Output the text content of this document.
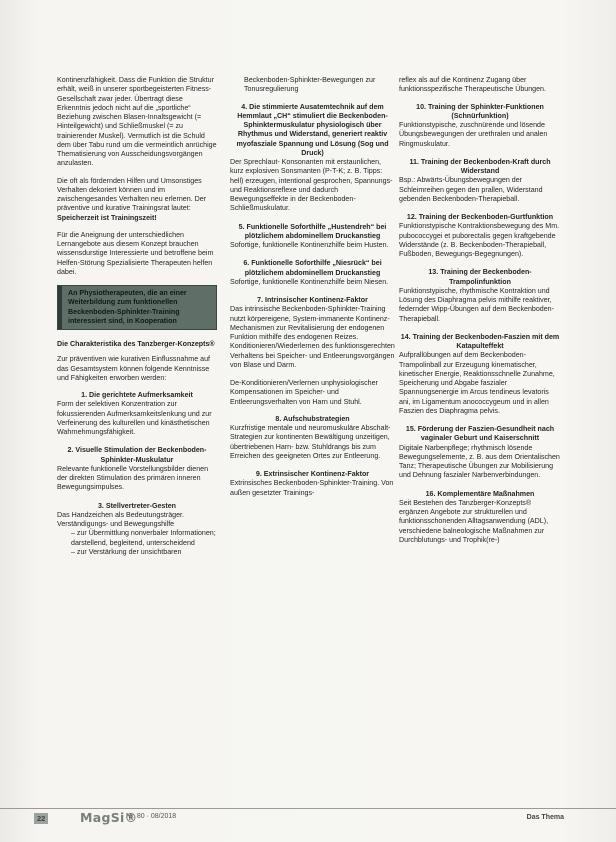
Kontinenzfähigkeit. Dass die Funktion die Struktur erhält, weiß in unserer sportbegeisterten Fitness-Gesellschaft zwar jeder. Übertragt diese Erkenntnis jedoch nicht auf die „sportliche“ Beziehung zwischen Blasen-Innaltsgewicht (= Hinteilgewicht) und Schließmuskel (= zu trainierender Muskel). Vermutlich ist die Schuld dem über Tabu rund um die vermeintlich anrüchige Thematisierung von Ausscheidungsvorgängen anzulasten.

Die oft als fördernden Hilfen und Umsonstiges Verhalten dekoriert können und im zwischengesandes Verhalten neu erlernen. Der präventive und kurative Trainingsrat lautet: Speicherzeit ist Trainingszeit!

Für die Aneignung der unterschiedlichen Lernangebote aus diesem Konzept brauchen wissensdurstige Interessierte und betroffene beim Helfen-Störung Spezialisierte Therapeuten helfen dabei.

An Physiotherapeuten, die an einer Weiterbildung zum funktionellen Beckenboden-Sphinkter-Training interessiert sind, in Kooperation

Die Charakteristika des Tanzberger-Konzepts®

Zur präventiven wie kurativen Einflussnahme auf das Gesamtsystem können folgende Kenntnisse und Fähigkeiten erworben werden:

1. Die gerichtete Aufmerksamkeit
Form der selektiven Konzentration zur fokussierenden Aufmerksamkeitslenkung und zur Verfeinerung des kulturellen und kinästhetischen Wahrnehmungsfähigkeit.
2. Visuelle Stimulation der Beckenboden-Sphinkter-Muskulatur
Relevante funktionelle Vorstellungsbilder dienen der direkten Stimulation des primären inneren Bewegungsimpulses.
3. Stellvertreter-Gesten
Das Handzeichen als Bedeutungsträger. Verständigungs- und Bewegungshilfe
– zur Übermittlung nonverbaler Informationen; darstellend, begleitend, unterscheidend
– zur Verstärkung der unsichtbaren

Beckenboden-Sphinkter-Bewegungen zur Tonusregulierung

4. Die stimmierte Ausatemtechnik auf dem Hemmlaut „CH“ stimuliert die Beckenboden-Sphinktermuskulatur physiologisch über Rhythmus und Widerstand, generiert reaktiv myofasziale Spannung und Lösung (Sog und Druck)
Der Sprechlaut- Konsonanten mit erstaunlichen, kurz explosiven Sonsmanten (P-T-K; z. B. Tipps: hell) erzeugen, intentional gesprochen, Spannungs- und Reaktionsreflexe und dadurch Bewegungseffekte in der Beckenboden-Schließmuskulatur.
5. Funktionelle Soforthilfe „Hustendreh“ bei plötzlichem abdominellem Druckanstieg
Sofortige, funktionelle Kontinenzhilfe beim Husten.
6. Funktionelle Soforthilfe „Niesrück“ bei plötzlichem abdominellem Druckanstieg
Sofortige, funktionelle Kontinenzhilfe beim Niesen.
7. Intrinsischer Kontinenz-Faktor
Das intrinsische Beckenboden-Sphinkter-Training nutzt körpereigene, System-immanente Kontinenz-Mechanismen zur Revitalisierung der endogenen Funktion mithilfe des endogenen Reizes. Konditionieren/Wiederlernen des funktionsgerechten Verhaltens bei Speicher- und Entleerungsvorgängen von Blase und Darm.

De-Konditionieren/Verlernen unphysiologischer Kompensationen im Speicher- und Entleerungsverhalten von Harn und Stuhl.

8. Aufschubstrategien
Kurzfristige mentale und neuromuskuläre Abschalt-Strategien zur kontinenten Bewältigung unzeitigen, übertriebenen Harn- bzw. Stuhldrangs bis zum Erreichen des geeigneten Ortes zur Entleerung.
9. Extrinsischer Kontinenz-Faktor
Extrinsisches Beckenboden-Sphinkter-Training. Von außen gesetzter Trainings-

reflex als auf die Kontinenz Zugang über funktionsspezifische Therapeutische Übungen.

10. Training der Sphinkter-Funktionen (Schnürfunktion)
Funktionstypische, zuschnürende und lösende Übungsbewegungen der urethralen und analen Ringmuskulatur.
11. Training der Beckenboden-Kraft durch Widerstand
Bsp.: Abwärts-Übungsbewegungen der Schleimreihen gegen den prallen, Widerstand gebenden Beckenboden-Therapieball.
12. Training der Beckenboden-Gurtfunktion
Funktionstypische Kontraktionsbewegung des Mm. pubococcygei et puborectalis gegen kraftgebende Widerstände (z. B. Beckenboden-Therapieball, Fußboden, Bewegungs-Begegnungen).
13. Training der Beckenboden-Trampolinfunktion
Funktionstypische, rhythmische Kontraktion und Lösung des Diaphragma pelvis mithilfe reaktiver, federnder Wipp-Übungen auf dem Beckenboden-Therapieball.
14. Training der Beckenboden-Faszien mit dem Katapulteffekt
Aufprallübungen auf dem Beckenboden-Trampolinball zur Erzeugung kinematischer, kinetischer Energie, Reaktionsschnelle Zunahme, Speicherung und Abgabe faszialer Spannungsenergie im Arcus tendineus levatoris ani, im Ligamentum anococcygeum und in allen Faszien des Diaphragma pelvis.
15. Förderung der Faszien-Gesundheit nach vaginaler Geburt und Kaiserschnitt
Digitale Narbenpflege; rhythmisch lösende Bewegungselemente, z. B. aus dem Orientalischen Tanz; Therapeutische Übungen zur Mobilisierung und Dehnung faszialer Narbenverbindungen.
16. Komplementäre Maßnahmen
Seit Bestehen des Tanzberger-Konzepts® ergänzen Angebote zur strukturellen und funktionsschonenden Alltagsanwendung (ADL), verschiedene balneologische Maßnahmen zur Durchblutungs- und Trophik(re-)
22	MagSi®
Nr. 80 · 08/2018	Das Thema
